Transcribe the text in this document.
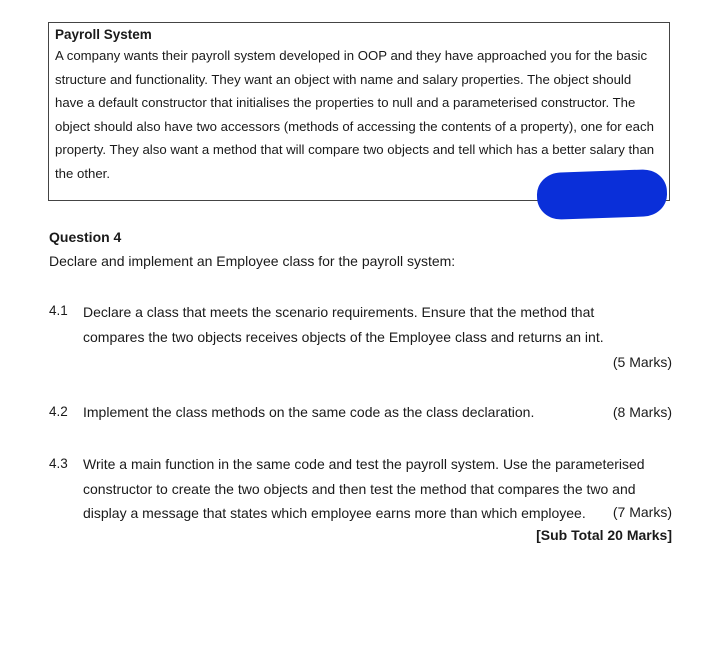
Payroll System
A company wants their payroll system developed in OOP and they have approached you for the basic
structure and functionality. They want an object with name and salary properties. The object should
have a default constructor that initialises the properties to null and a parameterised constructor. The
object should also have two accessors (methods of accessing the contents of a property), one for each
property. They also want a method that will compare two objects and tell which has a better salary than
the other.
Question 4
Declare and implement an Employee class for the payroll system:
4.1 Declare a class that meets the scenario requirements. Ensure that the method that
compares the two objects receives objects of the Employee class and returns an int.
(5 Marks)
4.2 Implement the class methods on the same code as the class declaration.	(8 Marks)
4.3 Write a main function in the same code and test the payroll system. Use the parameterised
constructor to create the two objects and then test the method that compares the two and
display a message that states which employee earns more than which employee.	(7 Marks)
[Sub Total 20 Marks]
